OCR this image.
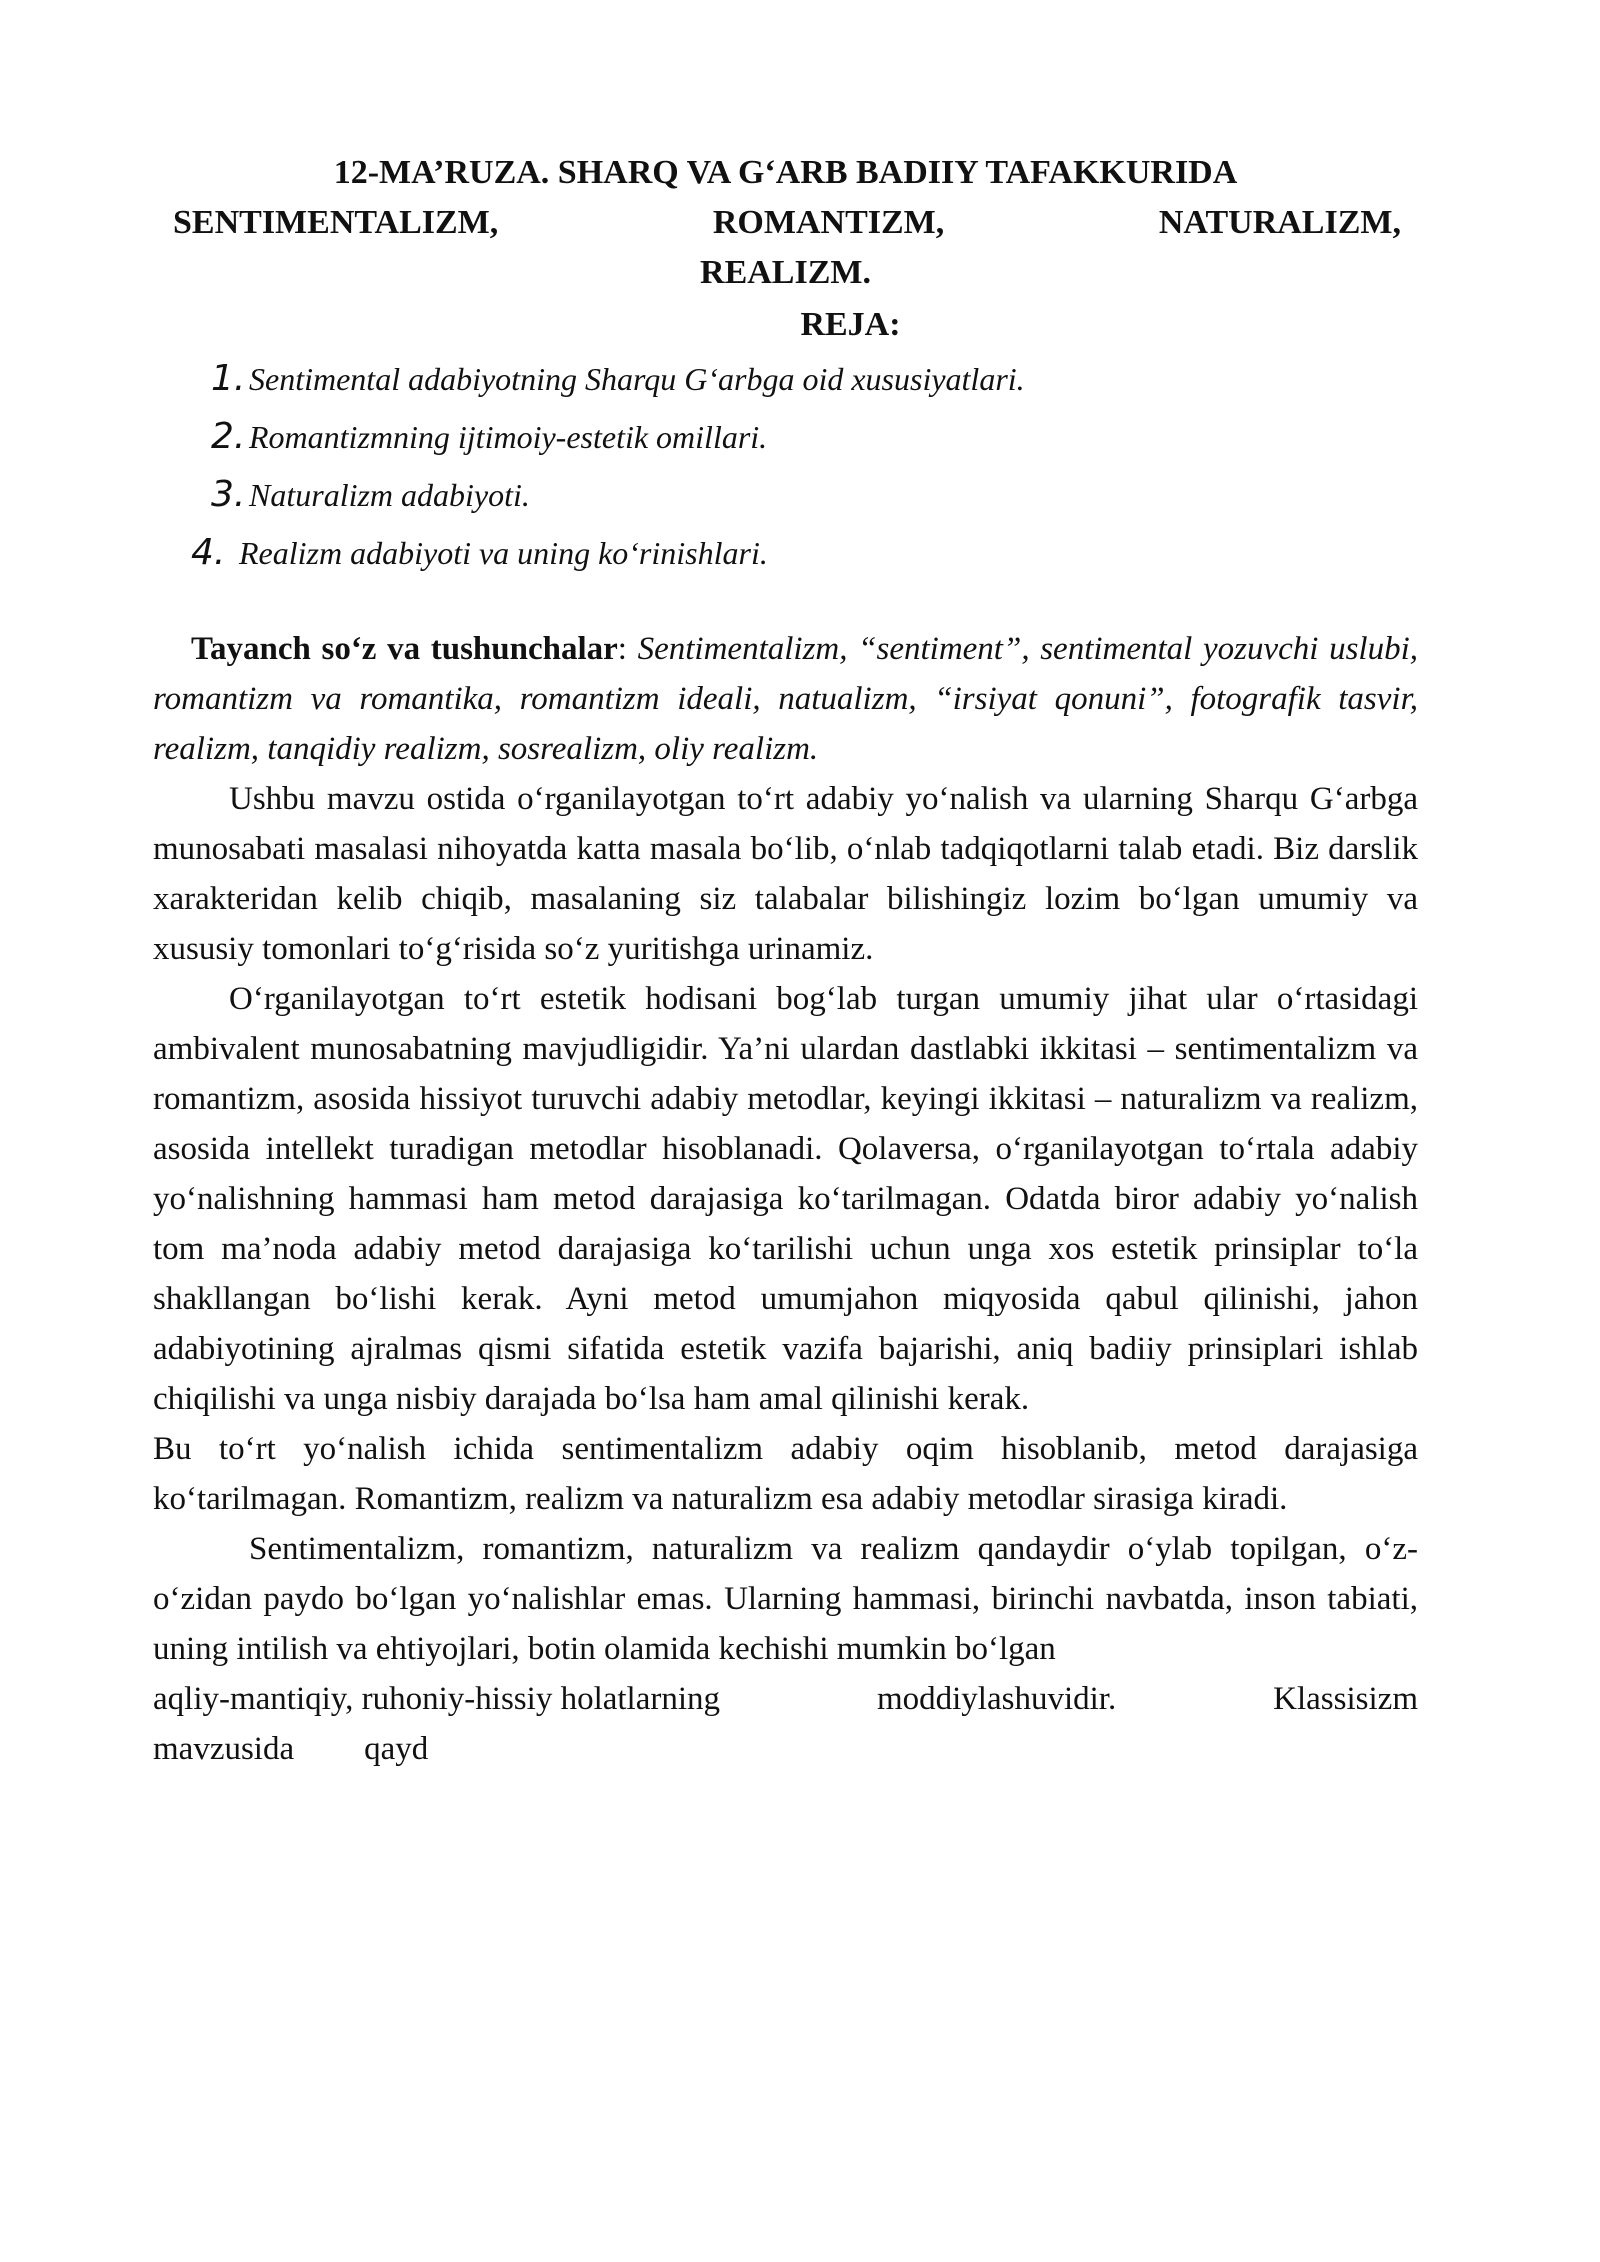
12-MA’RUZA. SHARQ VA G‘ARB BADIIY TAFAKKURIDA
SENTIMENTALIZM,	ROMANTIZM,	NATURALIZM,
REALIZM.
REJA:
1. Sentimental adabiyotning Sharqu G‘arbga oid xususiyatlari.
2. Romantizmning ijtimoiy-estetik omillari.
3. Naturalizm adabiyoti.
4. Realizm adabiyoti va uning ko‘rinishlari.

Tayanch so‘z va tushunchalar: Sentimentalizm, “sentiment”, sentimental yozuvchi uslubi, romantizm va romantika, romantizm ideali, natualizm, “irsiyat qonuni”, fotografik tasvir, realizm, tanqidiy realizm, sosrealizm, oliy realizm.

Ushbu mavzu ostida o‘rganilayotgan to‘rt adabiy yo‘nalish va ularning Sharqu G‘arbga munosabati masalasi nihoyatda katta masala bo‘lib, o‘nlab tadqiqotlarni talab etadi. Biz darslik xarakteridan kelib chiqib, masalaning siz talabalar bilishingiz lozim bo‘lgan umumiy va xususiy tomonlari to‘g‘risida so‘z yuritishga urinamiz.

O‘rganilayotgan to‘rt estetik hodisani bog‘lab turgan umumiy jihat ular o‘rtasidagi ambivalent munosabatning mavjudligidir. Ya’ni ulardan dastlabki ikkitasi – sentimentalizm va romantizm, asosida hissiyot turuvchi adabiy metodlar, keyingi ikkitasi – naturalizm va realizm, asosida intellekt turadigan metodlar hisoblanadi. Qolaversa, o‘rganilayotgan to‘rtala adabiy yo‘nalishning hammasi ham metod darajasiga ko‘tarilmagan. Odatda biror adabiy yo‘nalish tom ma’noda adabiy metod darajasiga ko‘tarilishi uchun unga xos estetik prinsiplar to‘la shakllangan bo‘lishi kerak. Ayni metod umumjahon miqyosida qabul qilinishi, jahon adabiyotining ajralmas qismi sifatida estetik vazifa bajarishi, aniq badiiy prinsiplari ishlab chiqilishi va unga nisbiy darajada bo‘lsa ham amal qilinishi kerak.

Bu to‘rt yo‘nalish ichida sentimentalizm adabiy oqim hisoblanib, metod darajasiga ko‘tarilmagan. Romantizm, realizm va naturalizm esa adabiy metodlar sirasiga kiradi.

Sentimentalizm, romantizm, naturalizm va realizm qandaydir o‘ylab topilgan, o‘z-o‘zidan paydo bo‘lgan yo‘nalishlar emas. Ularning hammasi, birinchi navbatda, inson tabiati, uning intilish va ehtiyojlari, botin olamida kechishi mumkin bo‘lgan

aqliy-mantiqiy, ruhoniy-hissiy holatlarning	moddiylashuvidir.	Klassisizm
mavzusida qayd
